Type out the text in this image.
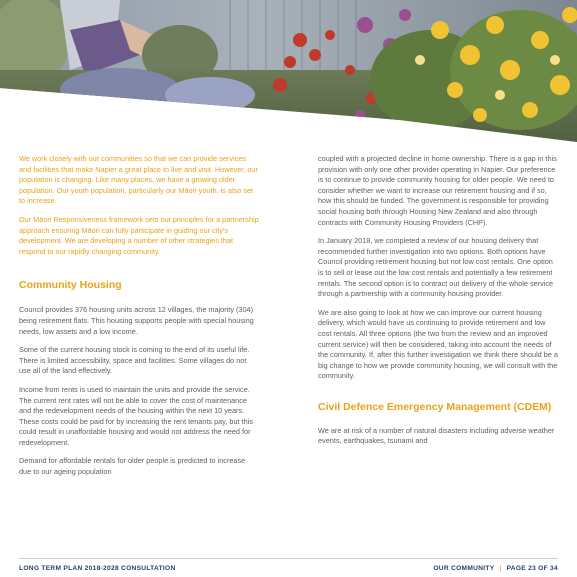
We work closely with our communities so that we can provide services and facilities that make Napier a great place to live and visit. However, our population is changing. Like many places, we have a growing older population. Our youth population, particularly our Māori youth, is also set to increase.

Our Māori Responsiveness framework sets out principles for a partnership approach ensuring Māori can fully participate in guiding our city's development. We are developing a number of other strategies that respond to our rapidly changing community.

Community Housing

Council provides 376 housing units across 12 villages, the majority (304) being retirement flats. This housing supports people with special housing needs, low assets and a low income.

Some of the current housing stock is coming to the end of its useful life. There is limited accessibility, space and facilities. Some villages do not use all of the land effectively.

Income from rents is used to maintain the units and provide the service. The current rent rates will not be able to cover the cost of maintenance and the redevelopment needs of the housing within the next 10 years. These costs could be paid for by increasing the rent tenants pay, but this could result in unaffordable housing and would not address the need for redevelopment.

Demand for affordable rentals for older people is predicted to increase due to our ageing population

coupled with a projected decline in home ownership. There is a gap in this provision with only one other provider operating in Napier. Our preference is to continue to provide community housing for older people. We need to consider whether we want to increase our retirement housing and if so, how this should be funded. The government is responsible for providing social housing both through Housing New Zealand and also through contracts with Community Housing Providers (CHP).

In January 2018, we completed a review of our housing delivery that recommended further investigation into two options. Both options have Council providing retirement housing but not low cost rentals. One option is to sell or lease out the low cost rentals and potentially a few retirement rentals. The second option is to contract out delivery of the whole service through a partnership with a community housing provider.

We are also going to look at how we can improve our current housing delivery, which would have us continuing to provide retirement and low cost rentals. All three options (the two from the review and an improved current service) will then be considered, taking into account the needs of the community. If, after this further investigation we think there should be a big change to how we provide community housing, we will consult with the community.

Civil Defence Emergency Management (CDEM)

We are at risk of a number of natural disasters including adverse weather events, earthquakes, tsunami and

LONG TERM PLAN 2018-2028 CONSULTATION	OUR COMMUNITY | PAGE 23 OF 34
